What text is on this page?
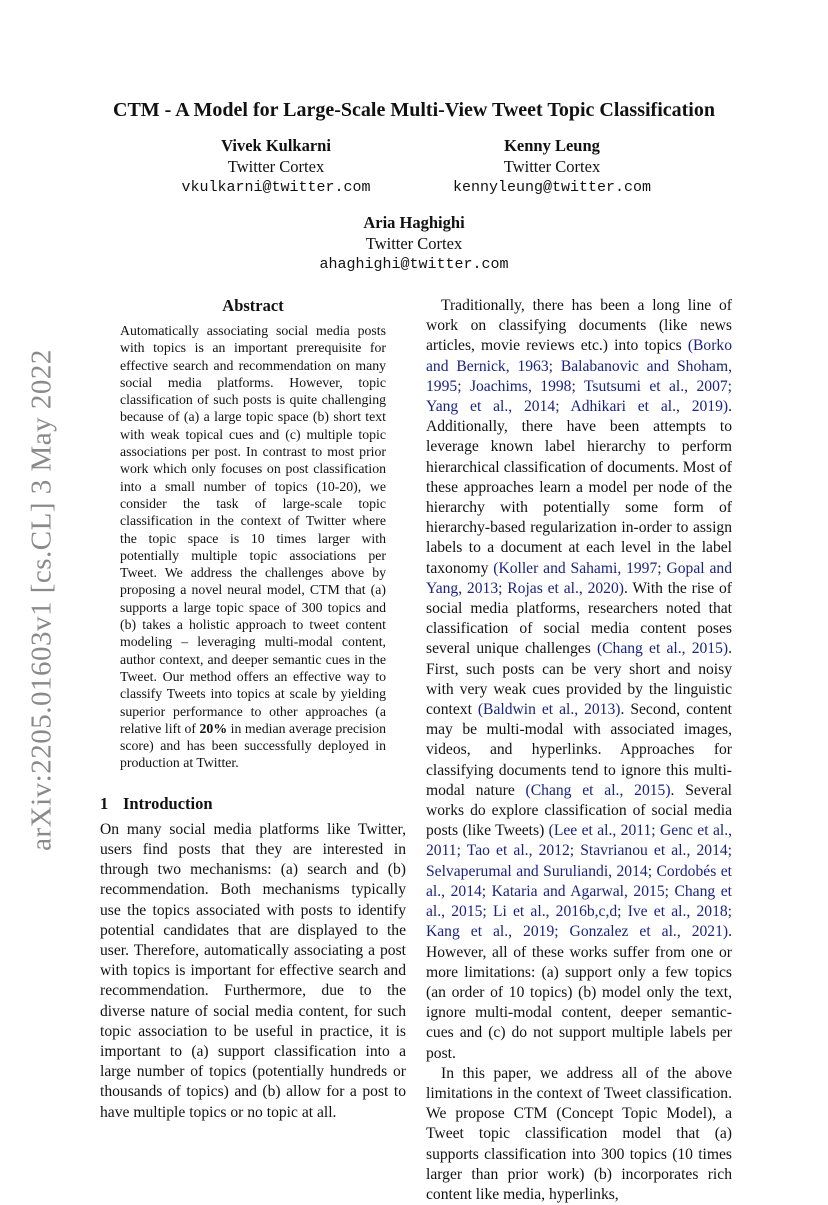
arXiv:2205.01603v1 [cs.CL] 3 May 2022
CTM - A Model for Large-Scale Multi-View Tweet Topic Classification
Vivek Kulkarni
Twitter Cortex
vkulkarni@twitter.com
Kenny Leung
Twitter Cortex
kennyleung@twitter.com
Aria Haghighi
Twitter Cortex
ahaghighi@twitter.com
Abstract

Automatically associating social media posts with topics is an important prerequisite for effective search and recommendation on many social media platforms. However, topic classification of such posts is quite challenging because of (a) a large topic space (b) short text with weak topical cues and (c) multiple topic associations per post. In contrast to most prior work which only focuses on post classification into a small number of topics (10-20), we consider the task of large-scale topic classification in the context of Twitter where the topic space is 10 times larger with potentially multiple topic associations per Tweet. We address the challenges above by proposing a novel neural model, CTM that (a) supports a large topic space of 300 topics and (b) takes a holistic approach to tweet content modeling – leveraging multi-modal content, author context, and deeper semantic cues in the Tweet. Our method offers an effective way to classify Tweets into topics at scale by yielding superior performance to other approaches (a relative lift of 20% in median average precision score) and has been successfully deployed in production at Twitter.

1 Introduction

On many social media platforms like Twitter, users find posts that they are interested in through two mechanisms: (a) search and (b) recommendation. Both mechanisms typically use the topics associated with posts to identify potential candidates that are displayed to the user. Therefore, automatically associating a post with topics is important for effective search and recommendation. Furthermore, due to the diverse nature of social media content, for such topic association to be useful in practice, it is important to (a) support classification into a large number of topics (potentially hundreds or thousands of topics) and (b) allow for a post to have multiple topics or no topic at all.

Traditionally, there has been a long line of work on classifying documents (like news articles, movie reviews etc.) into topics (Borko and Bernick, 1963; Balabanovic and Shoham, 1995; Joachims, 1998; Tsutsumi et al., 2007; Yang et al., 2014; Adhikari et al., 2019). Additionally, there have been attempts to leverage known label hierarchy to perform hierarchical classification of documents. Most of these approaches learn a model per node of the hierarchy with potentially some form of hierarchy-based regularization in-order to assign labels to a document at each level in the label taxonomy (Koller and Sahami, 1997; Gopal and Yang, 2013; Rojas et al., 2020). With the rise of social media platforms, researchers noted that classification of social media content poses several unique challenges (Chang et al., 2015). First, such posts can be very short and noisy with very weak cues provided by the linguistic context (Baldwin et al., 2013). Second, content may be multi-modal with associated images, videos, and hyperlinks. Approaches for classifying documents tend to ignore this multi-modal nature (Chang et al., 2015). Several works do explore classification of social media posts (like Tweets) (Lee et al., 2011; Genc et al., 2011; Tao et al., 2012; Stavrianou et al., 2014; Selvaperumal and Suruliandi, 2014; Cordobés et al., 2014; Kataria and Agarwal, 2015; Chang et al., 2015; Li et al., 2016b,c,d; Ive et al., 2018; Kang et al., 2019; Gonzalez et al., 2021). However, all of these works suffer from one or more limitations: (a) support only a few topics (an order of 10 topics) (b) model only the text, ignore multi-modal content, deeper semantic-cues and (c) do not support multiple labels per post.

In this paper, we address all of the above limitations in the context of Tweet classification. We propose CTM (Concept Topic Model), a Tweet topic classification model that (a) supports classification into 300 topics (10 times larger than prior work) (b) incorporates rich content like media, hyperlinks,
